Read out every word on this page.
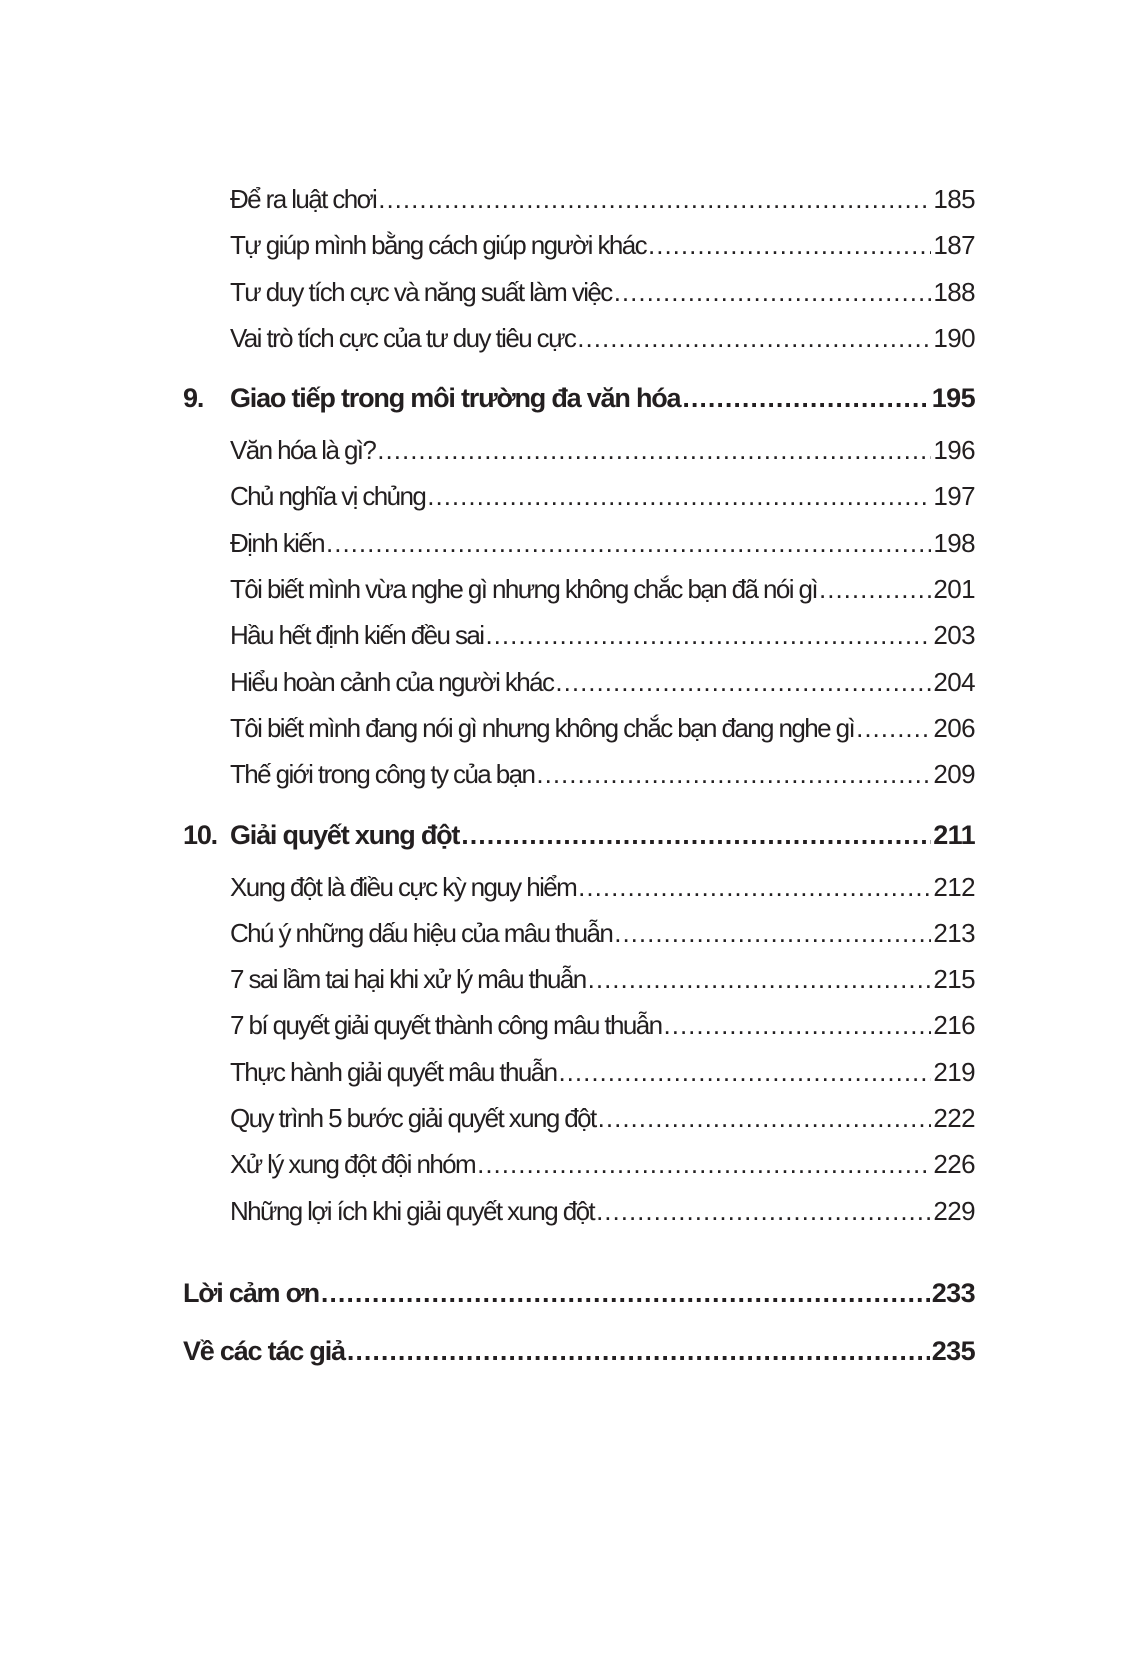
Để ra luật chơi .....	185
Tự giúp mình bằng cách giúp người khác .....	187
Tư duy tích cực và năng suất làm việc .....	188
Vai trò tích cực của tư duy tiêu cực .....	190
9. Giao tiếp trong môi trường đa văn hóa .....	195
Văn hóa là gì? .....	196
Chủ nghĩa vị chủng .....	197
Định kiến .....	198
Tôi biết mình vừa nghe gì nhưng không chắc bạn đã nói gì .....	201
Hầu hết định kiến đều sai .....	203
Hiểu hoàn cảnh của người khác .....	204
Tôi biết mình đang nói gì nhưng không chắc bạn đang nghe gì .....	206
Thế giới trong công ty của bạn .....	209
10. Giải quyết xung đột .....	211
Xung đột là điều cực kỳ nguy hiểm .....	212
Chú ý những dấu hiệu của mâu thuẫn .....	213
7 sai lầm tai hại khi xử lý mâu thuẫn .....	215
7 bí quyết giải quyết thành công mâu thuẫn .....	216
Thực hành giải quyết mâu thuẫn .....	219
Quy trình 5 bước giải quyết xung đột .....	222
Xử lý xung đột đội nhóm .....	226
Những lợi ích khi giải quyết xung đột .....	229
Lời cảm ơn .....	233
Về các tác giả .....	235
